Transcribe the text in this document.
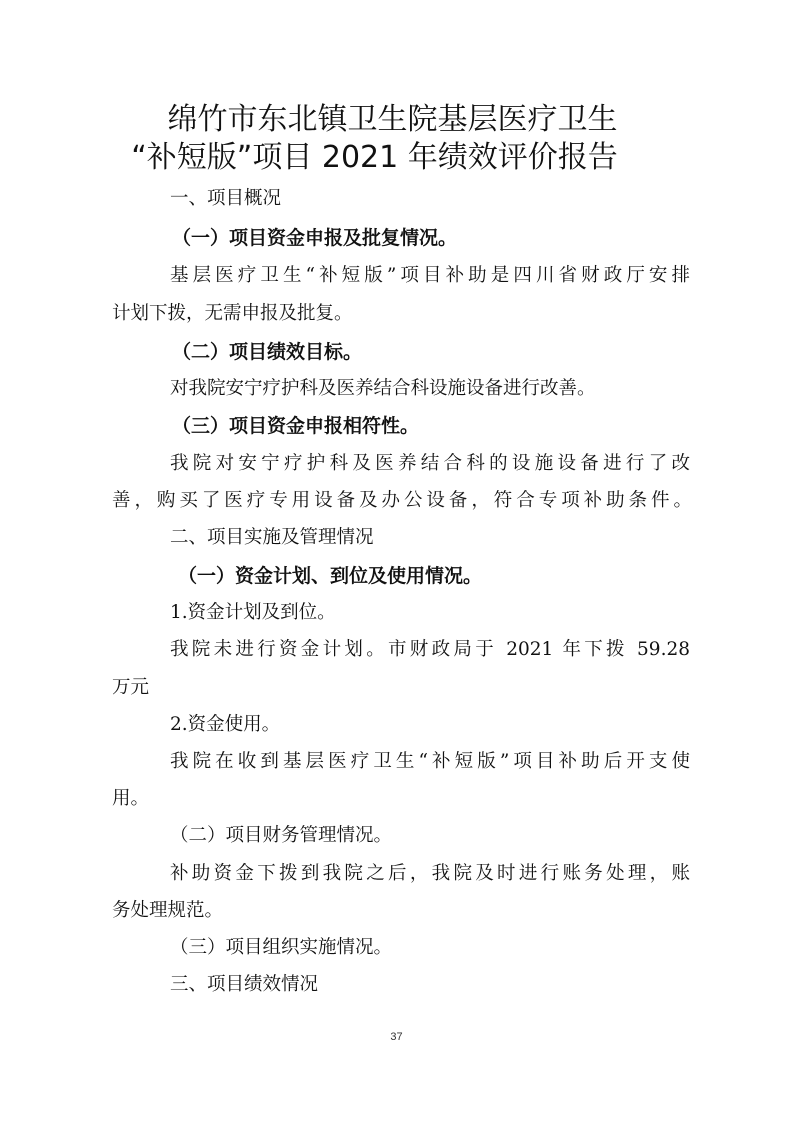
绵竹市东北镇卫生院基层医疗卫生
“补短版”项目 2021 年绩效评价报告
一、项目概况
（一）项目资金申报及批复情况。
基层医疗卫生“补短版”项目补助是四川省财政厅安排
计划下拨，无需申报及批复。
（二）项目绩效目标。
对我院安宁疗护科及医养结合科设施设备进行改善。
（三）项目资金申报相符性。
我院对安宁疗护科及医养结合科的设施设备进行了改
善，购买了医疗专用设备及办公设备，符合专项补助条件。
二、项目实施及管理情况
（一）资金计划、到位及使用情况。
1.资金计划及到位。
我院未进行资金计划。市财政局于 2021 年下拨 59.28
万元
2.资金使用。
我院在收到基层医疗卫生“补短版”项目补助后开支使
用。
（二）项目财务管理情况。
补助资金下拨到我院之后，我院及时进行账务处理，账
务处理规范。
（三）项目组织实施情况。
三、项目绩效情况
37
